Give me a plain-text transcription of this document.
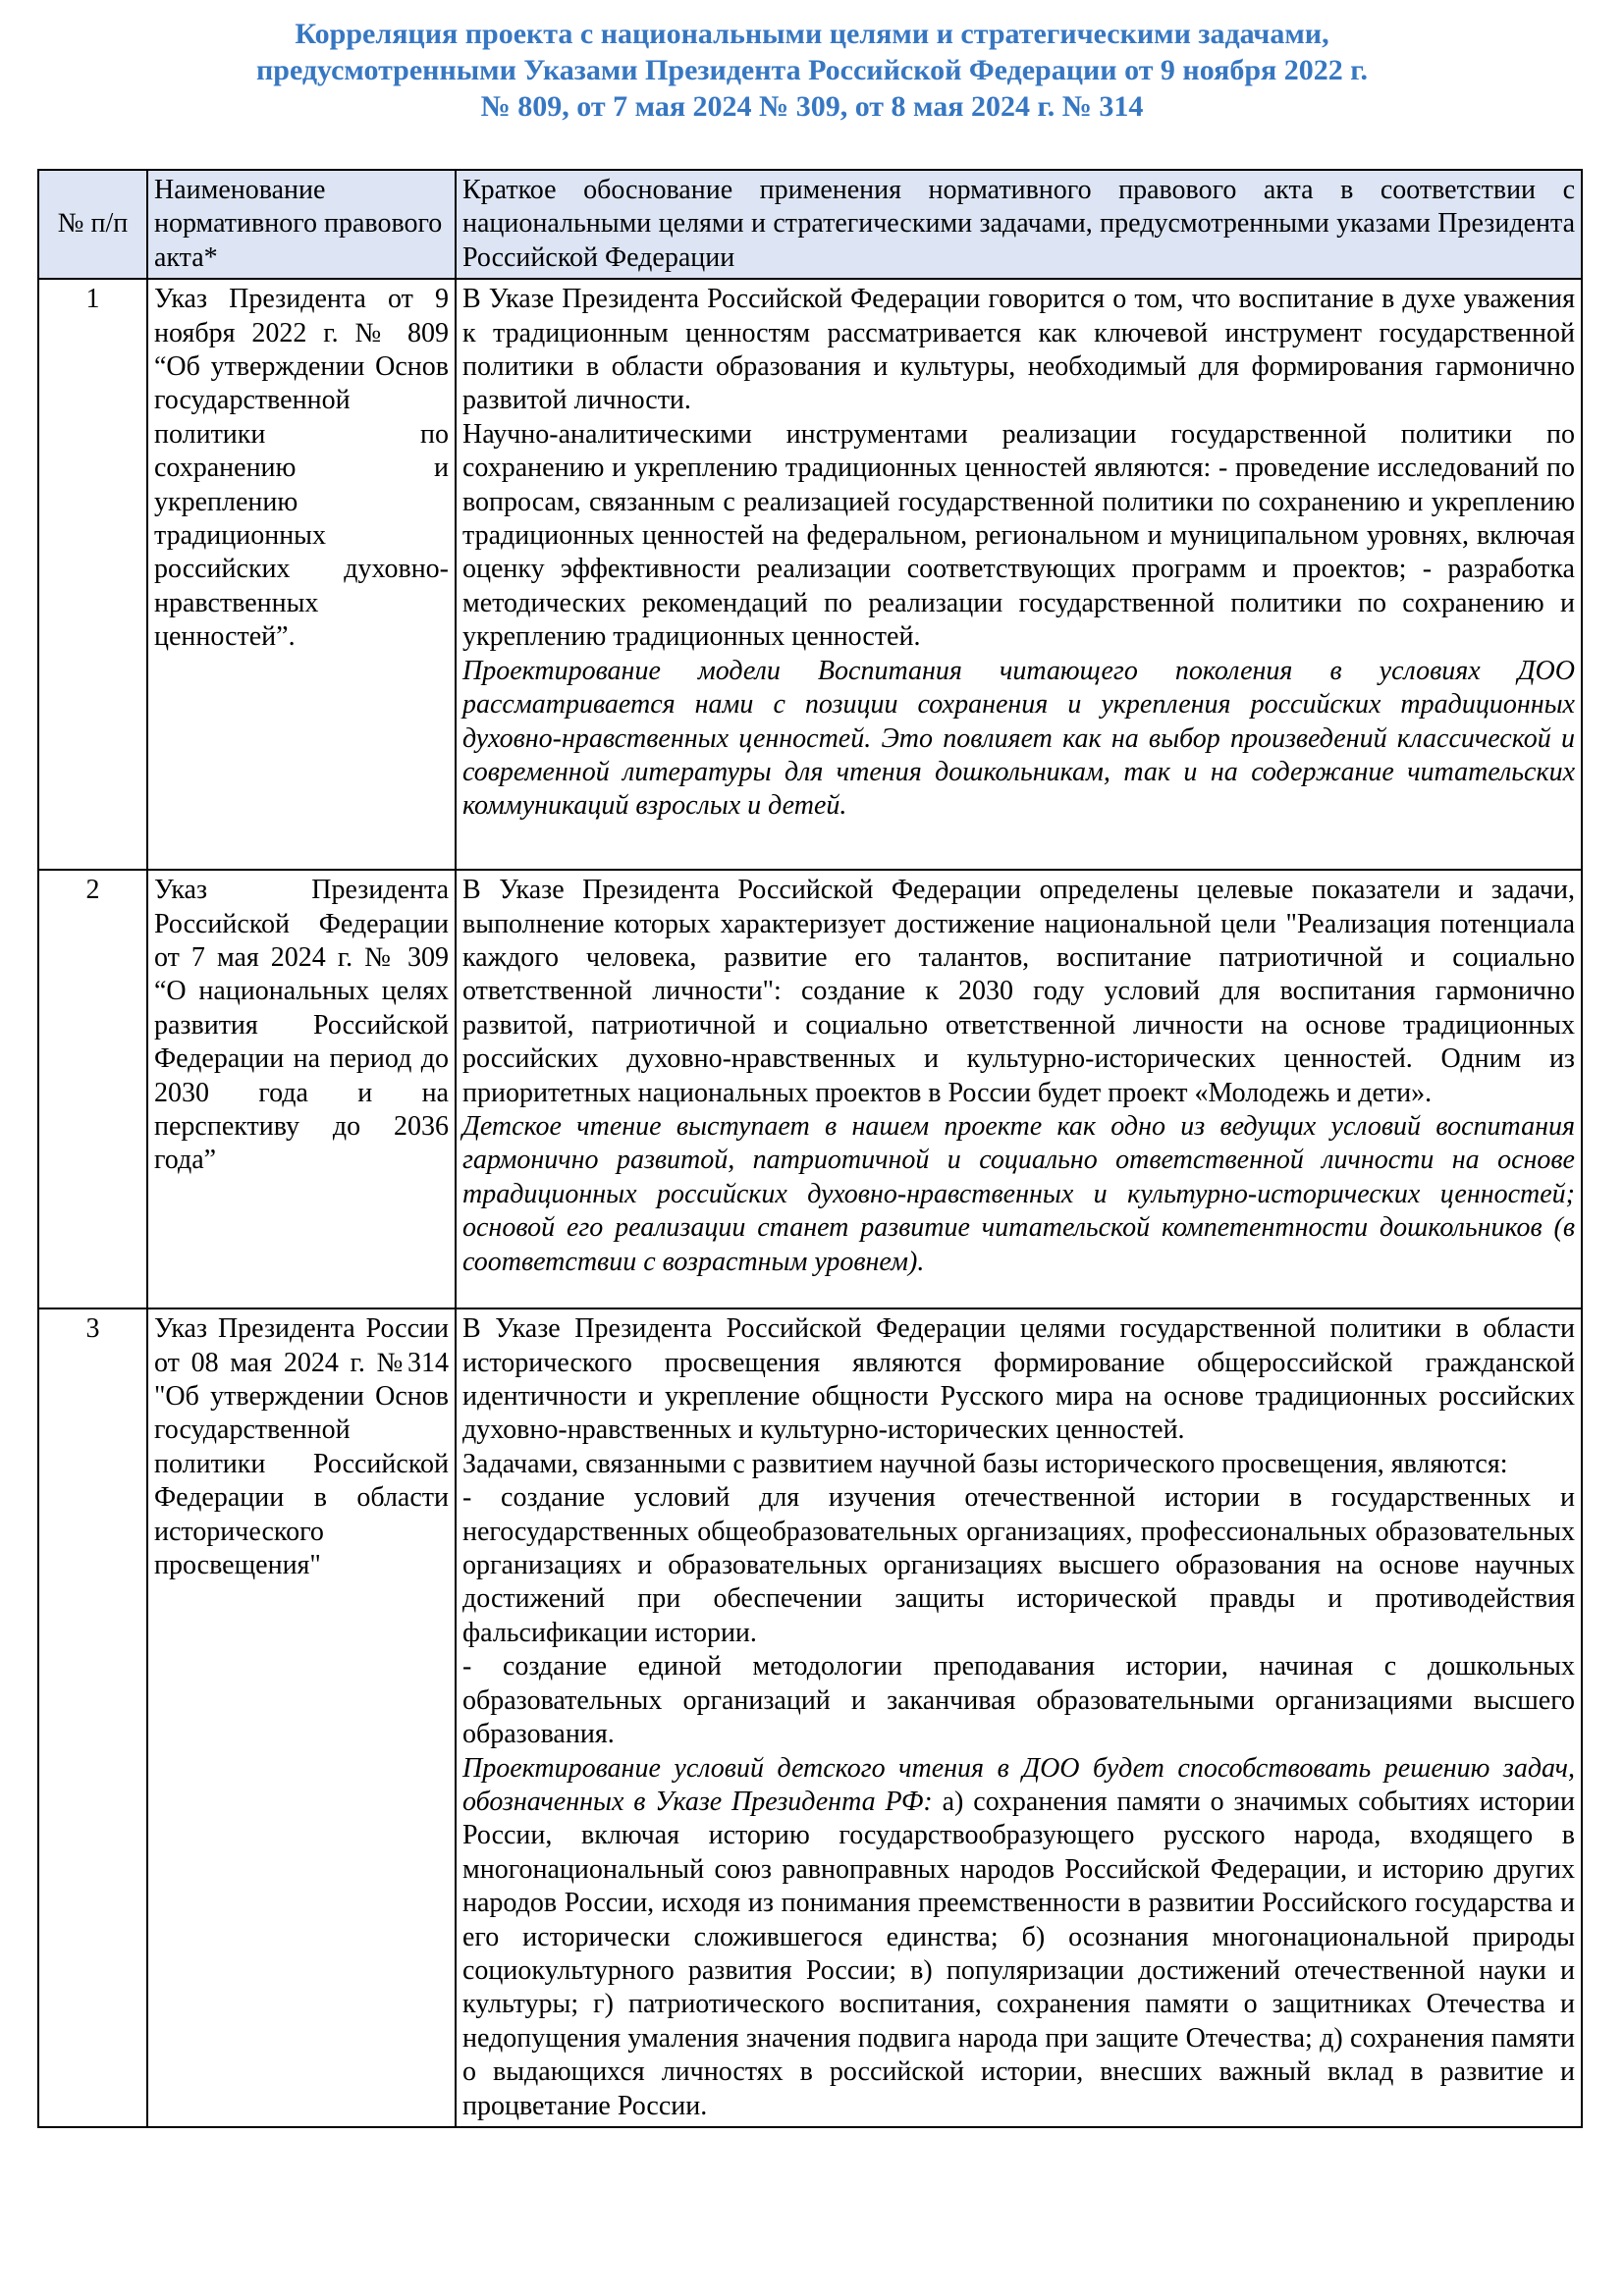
Корреляция проекта с национальными целями и стратегическими задачами,
предусмотренными Указами Президента Российской Федерации от 9 ноября 2022 г.
№ 809, от 7 мая 2024 № 309, от 8 мая 2024 г. № 314
№ п/п	Наименование нормативного правового акта*	Краткое обоснование применения нормативного правового акта в соответствии с национальными целями и стратегическими задачами, предусмотренными указами Президента Российской Федерации
1	Указ Президента от 9 ноября 2022 г. № 809 “Об утверждении Основ государственной политики по сохранению и укреплению традиционных российских духовно-нравственных ценностей”.	В Указе Президента Российской Федерации говорится о том, что воспитание в духе уважения к традиционным ценностям рассматривается как ключевой инструмент государственной политики в области образования и культуры, необходимый для формирования гармонично развитой личности.

Научно-аналитическими инструментами реализации государственной политики по сохранению и укреплению традиционных ценностей являются: - проведение исследований по вопросам, связанным с реализацией государственной политики по сохранению и укреплению традиционных ценностей на федеральном, региональном и муниципальном уровнях, включая оценку эффективности реализации соответствующих программ и проектов; - разработка методических рекомендаций по реализации государственной политики по сохранению и укреплению традиционных ценностей.

Проектирование модели Воспитания читающего поколения в условиях ДОО рассматривается нами с позиции сохранения и укрепления российских традиционных духовно-нравственных ценностей. Это повлияет как на выбор произведений классической и современной литературы для чтения дошкольникам, так и на содержание читательских коммуникаций взрослых и детей.

2	Указ Президента Российской Федерации от 7 мая 2024 г. № 309 “О национальных целях развития Российской Федерации на период до 2030 года и на перспективу до 2036 года”	В Указе Президента Российской Федерации определены целевые показатели и задачи, выполнение которых характеризует достижение национальной цели "Реализация потенциала каждого человека, развитие его талантов, воспитание патриотичной и социально ответственной личности": создание к 2030 году условий для воспитания гармонично развитой, патриотичной и социально ответственной личности на основе традиционных российских духовно-нравственных и культурно-исторических ценностей. Одним из приоритетных национальных проектов в России будет проект «Молодежь и дети».

Детское чтение выступает в нашем проекте как одно из ведущих условий воспитания гармонично развитой, патриотичной и социально ответственной личности на основе традиционных российских духовно-нравственных и культурно-исторических ценностей; основой его реализации станет развитие читательской компетентности дошкольников (в соответствии с возрастным уровнем).

3	Указ Президента России от 08 мая 2024 г. №314 "Об утверждении Основ государственной политики Российской Федерации в области исторического просвещения"	В Указе Президента Российской Федерации целями государственной политики в области исторического просвещения являются формирование общероссийской гражданской идентичности и укрепление общности Русского мира на основе традиционных российских духовно-нравственных и культурно-исторических ценностей.

Задачами, связанными с развитием научной базы исторического просвещения, являются:

- создание условий для изучения отечественной истории в государственных и негосударственных общеобразовательных организациях, профессиональных образовательных организациях и образовательных организациях высшего образования на основе научных достижений при обеспечении защиты исторической правды и противодействия фальсификации истории.

- создание единой методологии преподавания истории, начиная с дошкольных образовательных организаций и заканчивая образовательными организациями высшего образования.

Проектирование условий детского чтения в ДОО будет способствовать решению задач, обозначенных в Указе Президента РФ: а) сохранения памяти о значимых событиях истории России, включая историю государствообразующего русского народа, входящего в многонациональный союз равноправных народов Российской Федерации, и историю других народов России, исходя из понимания преемственности в развитии Российского государства и его исторически сложившегося единства; б) осознания многонациональной природы социокультурного развития России; в) популяризации достижений отечественной науки и культуры; г) патриотического воспитания, сохранения памяти о защитниках Отечества и недопущения умаления значения подвига народа при защите Отечества; д) сохранения памяти о выдающихся личностях в российской истории, внесших важный вклад в развитие и процветание России.
